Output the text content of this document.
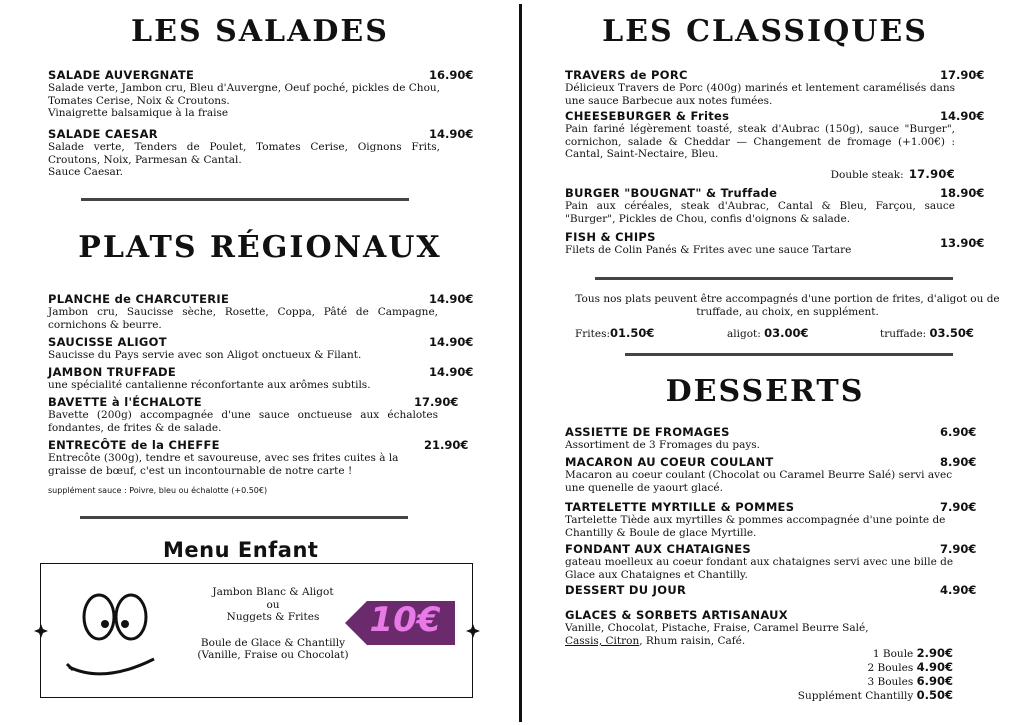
LES SALADES
SALADE AUVERGNATE	16.90€
Salade verte, Jambon cru, Bleu d'Auvergne, Oeuf poché, pickles de Chou, Tomates Cerise, Noix & Croutons.
Vinaigrette balsamique à la fraise
SALADE CAESAR	14.90€
Salade verte, Tenders de Poulet, Tomates Cerise, Oignons Frits, Croutons, Noix, Parmesan & Cantal.
Sauce Caesar.
PLATS RÉGIONAUX
PLANCHE de CHARCUTERIE	14.90€
Jambon cru, Saucisse sèche, Rosette, Coppa, Pâté de Campagne, cornichons & beurre.
SAUCISSE ALIGOT	14.90€
Saucisse du Pays servie avec son Aligot onctueux & Filant.
JAMBON TRUFFADE	14.90€
une spécialité cantalienne réconfortante aux arômes subtils.
BAVETTE à l'ÉCHALOTE	17.90€
Bavette (200g) accompagnée d'une sauce onctueuse aux échalotes fondantes, de frites & de salade.
ENTRECÔTE de la CHEFFE	21.90€
Entrecôte (300g), tendre et savoureuse, avec ses frites cuites à la graisse de bœuf, c'est un incontournable de notre carte !
supplément sauce : Poivre, bleu ou échalotte (+0.50€)
Menu Enfant
Jambon Blanc & Aligot
ou
Nuggets & Frites
Boule de Glace & Chantilly
(Vanille, Fraise ou Chocolat)
10€
LES CLASSIQUES
TRAVERS de PORC	17.90€
Délicieux Travers de Porc (400g) marinés et lentement caramélisés dans une sauce Barbecue aux notes fumées.
CHEESEBURGER & Frites	14.90€
Pain fariné légèrement toasté, steak d'Aubrac (150g), sauce "Burger", cornichon, salade & Cheddar — Changement de fromage (+1.00€) : Cantal, Saint-Nectaire, Bleu.
Double steak: 17.90€
BURGER "BOUGNAT" & Truffade	18.90€
Pain aux céréales, steak d'Aubrac, Cantal & Bleu, Farçou, sauce "Burger", Pickles de Chou, confis d'oignons & salade.
FISH & CHIPS	13.90€
Filets de Colin Panés & Frites avec une sauce Tartare
Tous nos plats peuvent être accompagnés d'une portion de frites, d'aligot ou de truffade, au choix, en supplément.
Frites:01.50€	aligot: 03.00€	truffade: 03.50€
DESSERTS
ASSIETTE DE FROMAGES	6.90€
Assortiment de 3 Fromages du pays.
MACARON AU COEUR COULANT	8.90€
Macaron au coeur coulant (Chocolat ou Caramel Beurre Salé) servi avec une quenelle de yaourt glacé.
TARTELETTE MYRTILLE & POMMES	7.90€
Tartelette Tiède aux myrtilles & pommes accompagnée d'une pointe de Chantilly & Boule de glace Myrtille.
FONDANT AUX CHATAIGNES	7.90€
gateau moelleux au coeur fondant aux chataignes servi avec une bille de Glace aux Chataignes et Chantilly.
DESSERT DU JOUR	4.90€
GLACES & SORBETS ARTISANAUX
Vanille, Chocolat, Pistache, Fraise, Caramel Beurre Salé,
Cassis, Citron, Rhum raisin, Café.
1 Boule 2.90€
2 Boules 4.90€
3 Boules 6.90€
Supplément Chantilly 0.50€
